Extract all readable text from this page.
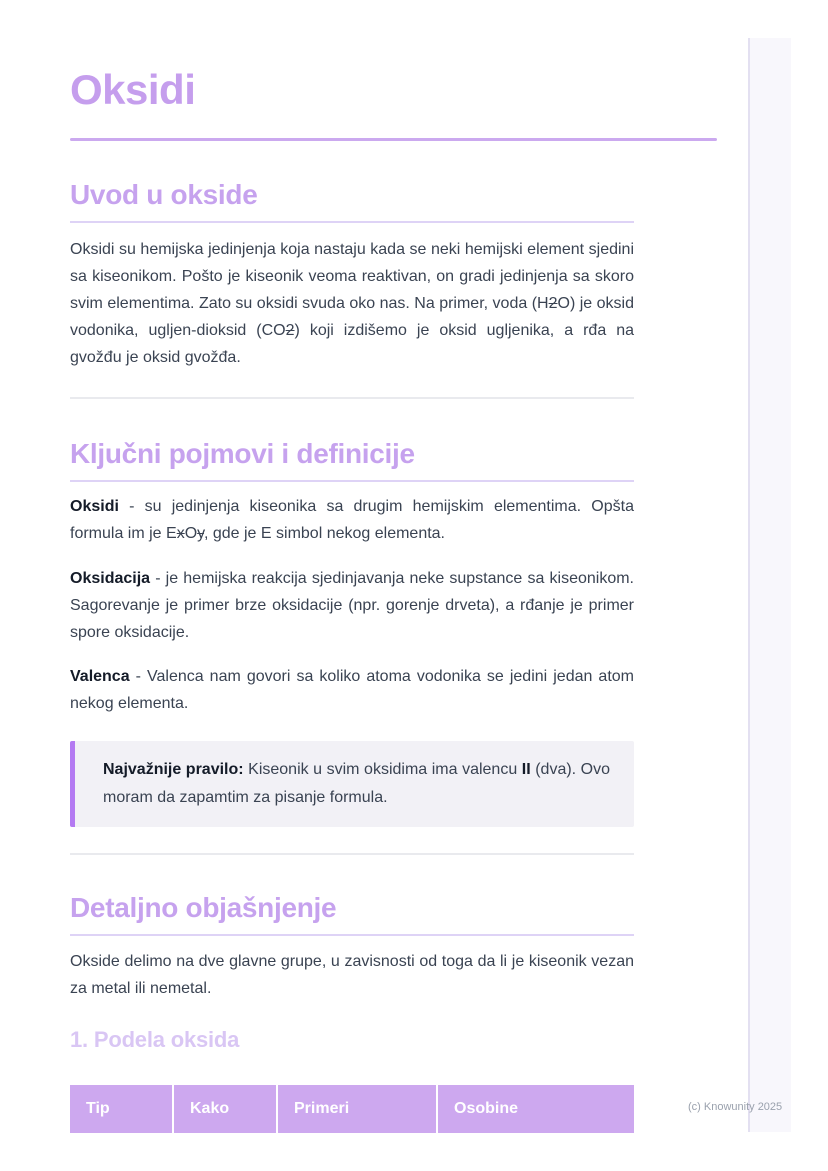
Oksidi
Uvod u okside

Oksidi su hemijska jedinjenja koja nastaju kada se neki hemijski element sjedini sa kiseonikom. Pošto je kiseonik veoma reaktivan, on gradi jedinjenja sa skoro svim elementima. Zato su oksidi svuda oko nas. Na primer, voda (H2O) je oksid vodonika, ugljen-dioksid (CO2) koji izdišemo je oksid ugljenika, a rđa na gvožđu je oksid gvožđa.

Ključni pojmovi i definicije

Oksidi - su jedinjenja kiseonika sa drugim hemijskim elementima. Opšta formula im je ExOy, gde je E simbol nekog elementa.

Oksidacija - je hemijska reakcija sjedinjavanja neke supstance sa kiseonikom. Sagorevanje je primer brze oksidacije (npr. gorenje drveta), a rđanje je primer spore oksidacije.

Valenca - Valenca nam govori sa koliko atoma vodonika se jedini jedan atom nekog elementa.

Najvažnije pravilo: Kiseonik u svim oksidima ima valencu II (dva). Ovo moram da zapamtim za pisanje formula.

Detaljno objašnjenje

Okside delimo na dve glavne grupe, u zavisnosti od toga da li je kiseonik vezan za metal ili nemetal.

1. Podela oksida
Tip	Kako	Primeri	Osobine	(c) Knowunity 2025
